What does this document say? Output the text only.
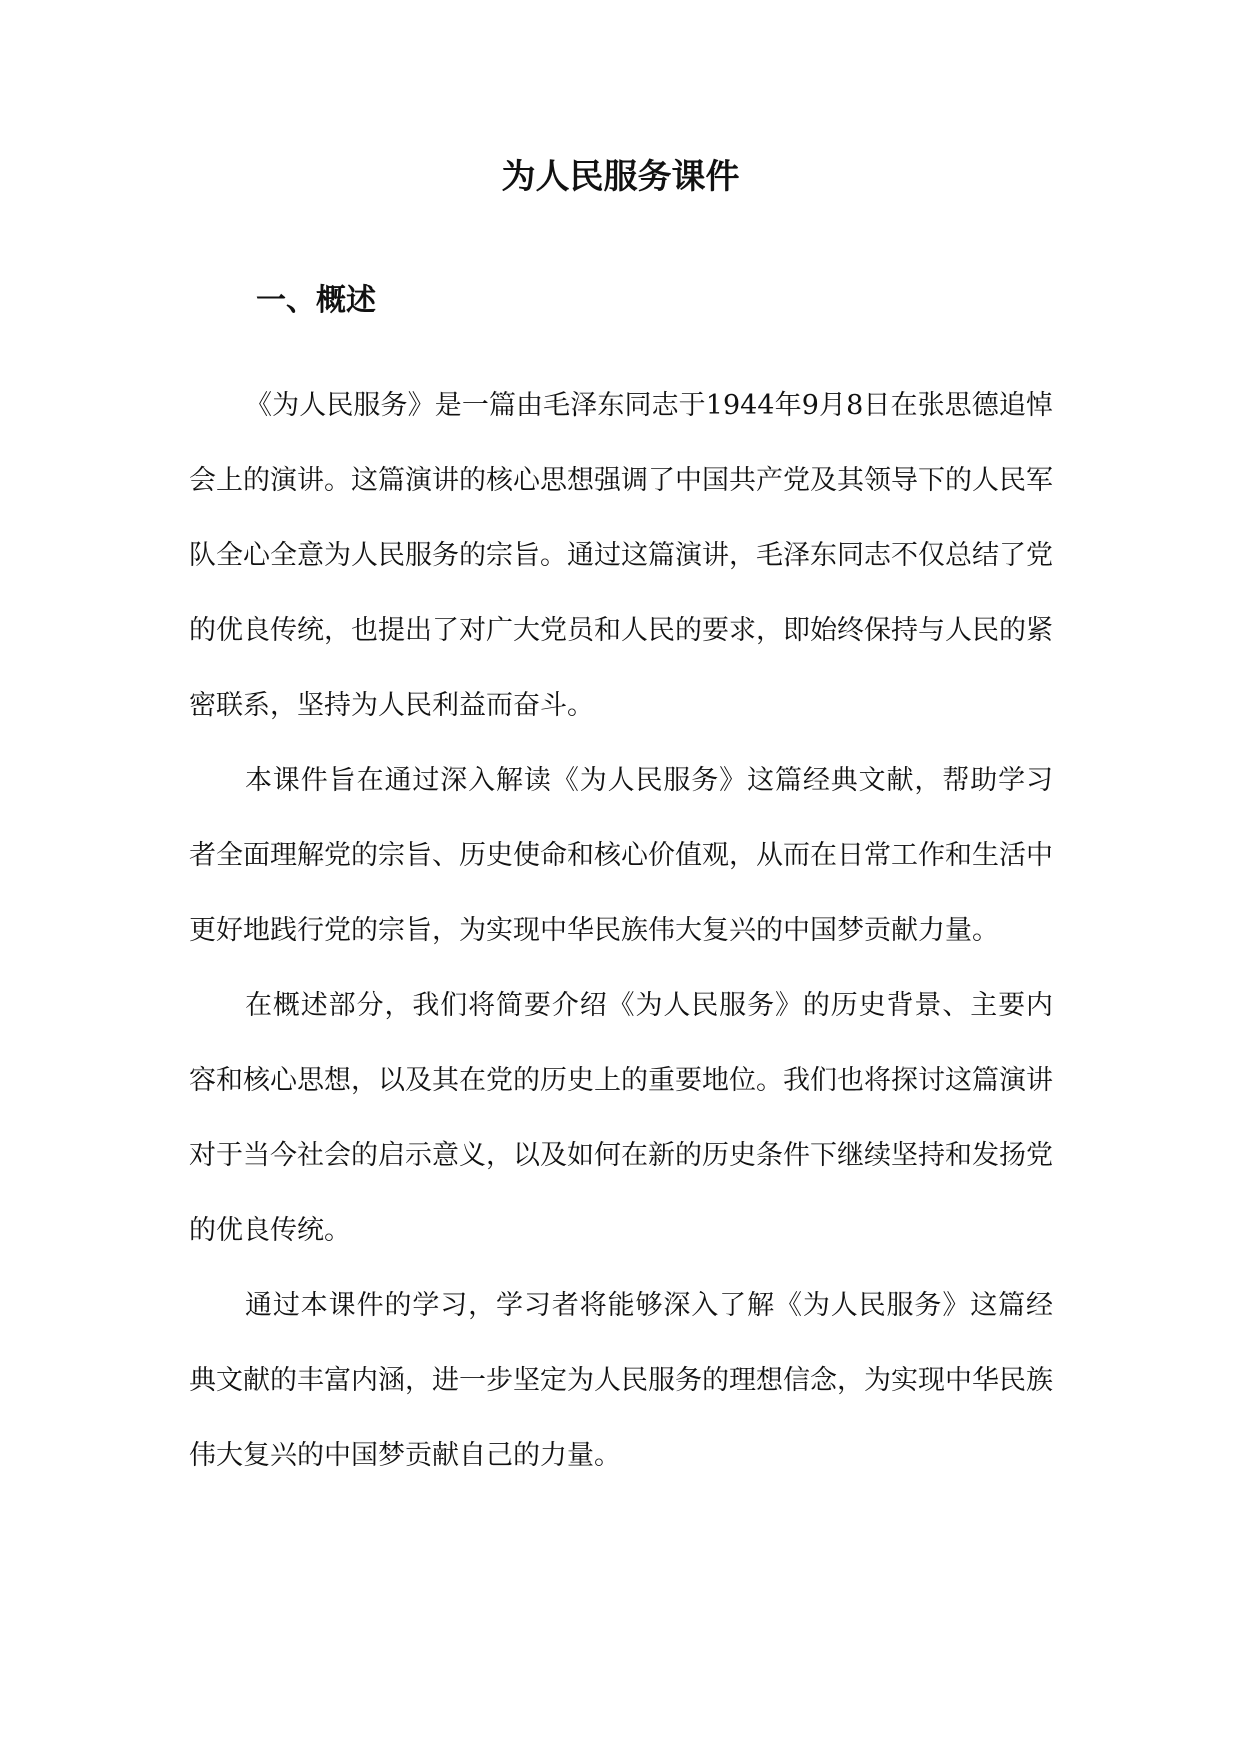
为人民服务课件
一、概述

《为人民服务》是一篇由毛泽东同志于1944年9月8日在张思德追悼会上的演讲。这篇演讲的核心思想强调了中国共产党及其领导下的人民军队全心全意为人民服务的宗旨。通过这篇演讲，毛泽东同志不仅总结了党的优良传统，也提出了对广大党员和人民的要求，即始终保持与人民的紧密联系，坚持为人民利益而奋斗。

本课件旨在通过深入解读《为人民服务》这篇经典文献，帮助学习者全面理解党的宗旨、历史使命和核心价值观，从而在日常工作和生活中更好地践行党的宗旨，为实现中华民族伟大复兴的中国梦贡献力量。

在概述部分，我们将简要介绍《为人民服务》的历史背景、主要内容和核心思想，以及其在党的历史上的重要地位。我们也将探讨这篇演讲对于当今社会的启示意义，以及如何在新的历史条件下继续坚持和发扬党的优良传统。

通过本课件的学习，学习者将能够深入了解《为人民服务》这篇经典文献的丰富内涵，进一步坚定为人民服务的理想信念，为实现中华民族伟大复兴的中国梦贡献自己的力量。
